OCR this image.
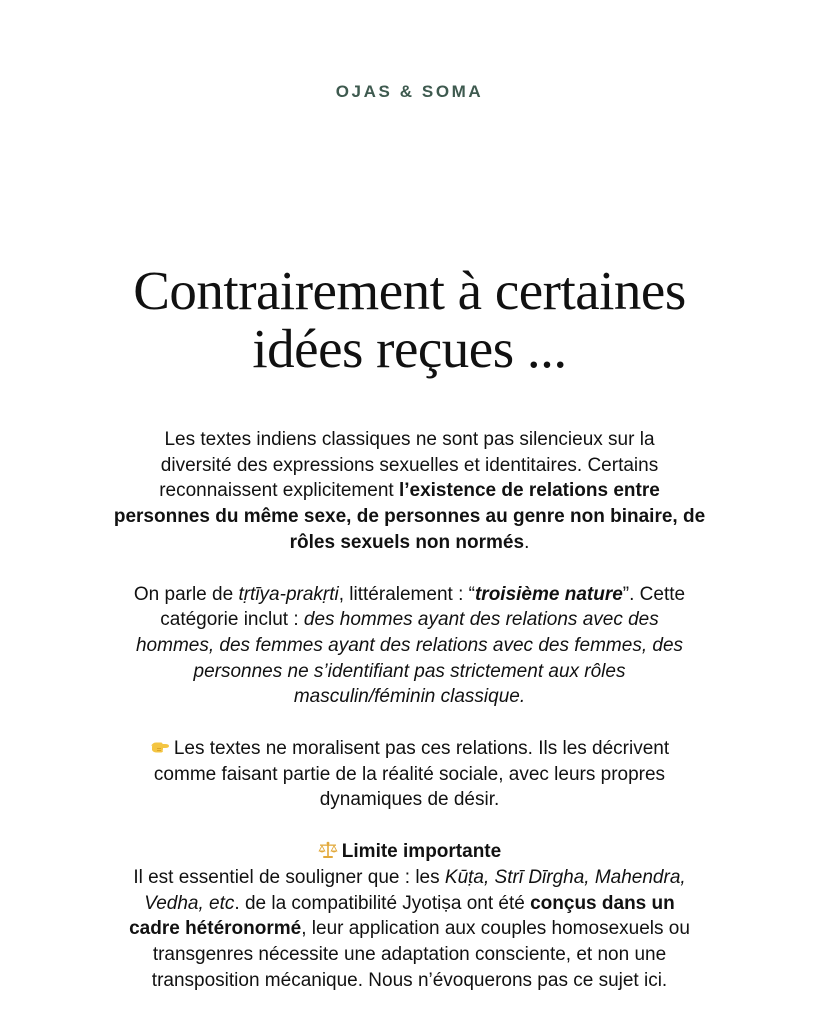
OJAS & SOMA
Contrairement à certaines
idées reçues ...

Les textes indiens classiques ne sont pas silencieux sur la
diversité des expressions sexuelles et identitaires. Certains
reconnaissent explicitement l’existence de relations entre
personnes du même sexe, de personnes au genre non binaire, de
rôles sexuels non normés.

On parle de tṛtīya-prakṛti, littéralement : “troisième nature”. Cette
catégorie inclut : des hommes ayant des relations avec des
hommes, des femmes ayant des relations avec des femmes, des
personnes ne s’identifiant pas strictement aux rôles
masculin/féminin classique.

Les textes ne moralisent pas ces relations. Ils les décrivent
comme faisant partie de la réalité sociale, avec leurs propres
dynamiques de désir.

Limite importante
Il est essentiel de souligner que : les Kūṭa, Strī Dīrgha, Mahendra,
Vedha, etc. de la compatibilité Jyotiṣa ont été conçus dans un
cadre hétéronormé, leur application aux couples homosexuels ou
transgenres nécessite une adaptation consciente, et non une
transposition mécanique. Nous n’évoquerons pas ce sujet ici.
